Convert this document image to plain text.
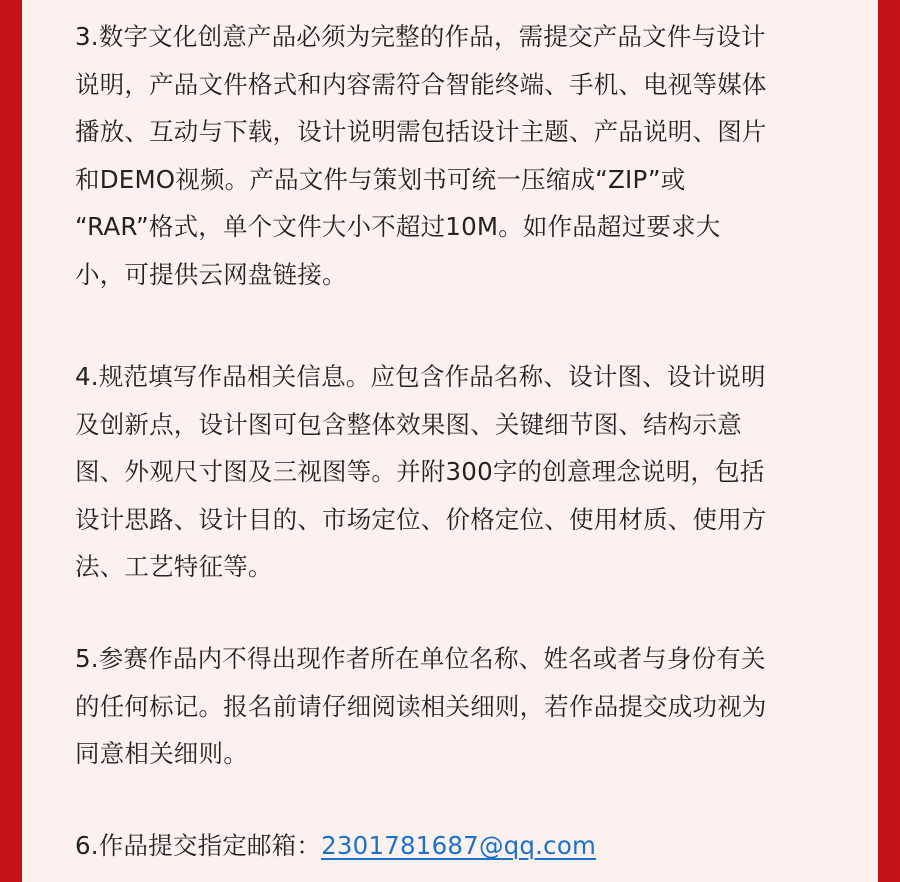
3.数字文化创意产品必须为完整的作品，需提交产品文件与设计
说明，产品文件格式和内容需符合智能终端、手机、电视等媒体
播放、互动与下载，设计说明需包括设计主题、产品说明、图片
和DEMO视频。产品文件与策划书可统一压缩成“ZIP”或
“RAR”格式，单个文件大小不超过10M。如作品超过要求大
小，可提供云网盘链接。
4.规范填写作品相关信息。应包含作品名称、设计图、设计说明
及创新点，设计图可包含整体效果图、关键细节图、结构示意
图、外观尺寸图及三视图等。并附300字的创意理念说明，包括
设计思路、设计目的、市场定位、价格定位、使用材质、使用方
法、工艺特征等。
5.参赛作品内不得出现作者所在单位名称、姓名或者与身份有关
的任何标记。报名前请仔细阅读相关细则，若作品提交成功视为
同意相关细则。
6.作品提交指定邮箱：2301781687@qq.com
